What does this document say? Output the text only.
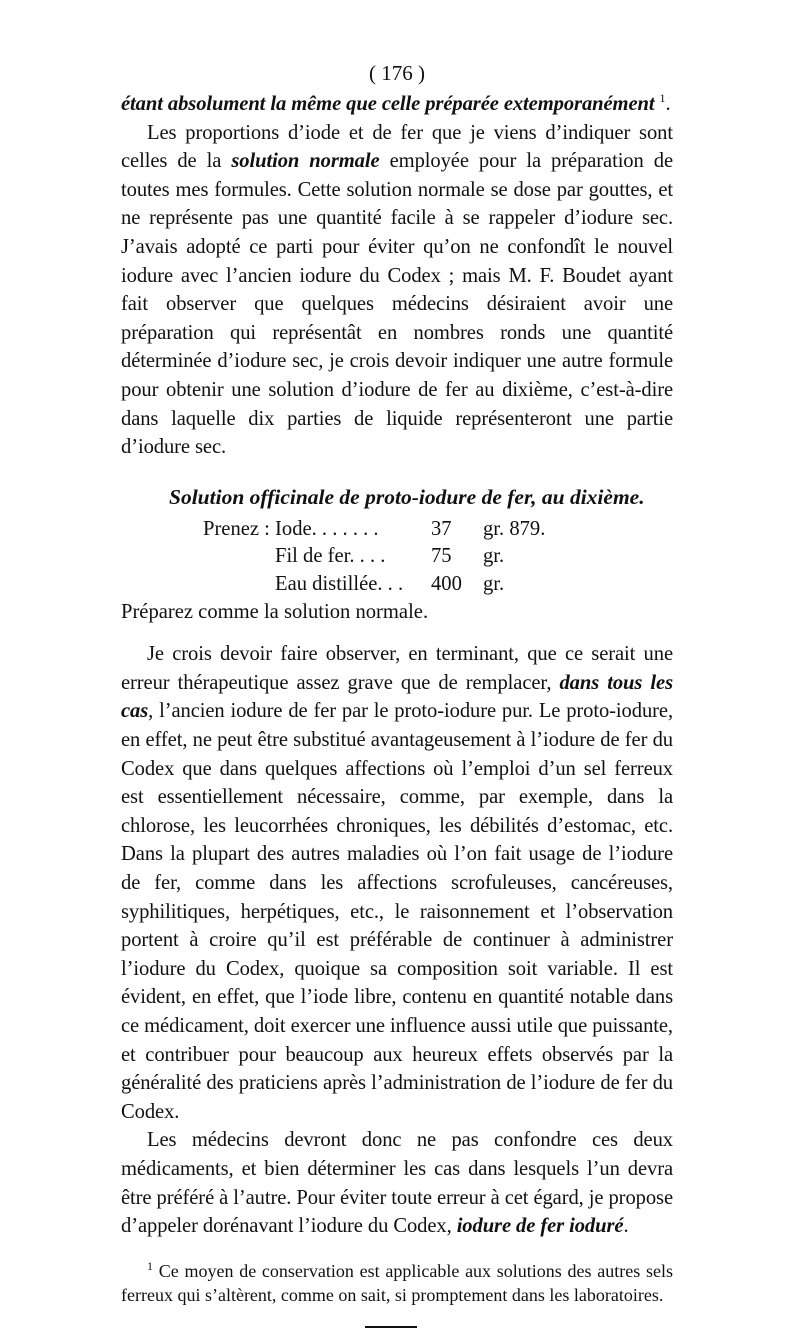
( 176 )

étant absolument la même que celle préparée extemporanément $^1$.

Les proportions d’iode et de fer que je viens d’indiquer sont celles de la solution normale employée pour la préparation de toutes mes formules. Cette solution normale se dose par gouttes, et ne représente pas une quantité facile à se rappeler d’iodure sec. J’avais adopté ce parti pour éviter qu’on ne confondît le nouvel iodure avec l’ancien iodure du Codex ; mais M. F. Boudet ayant fait observer que quelques médecins désiraient avoir une préparation qui représentât en nombres ronds une quantité déterminée d’iodure sec, je crois devoir indiquer une autre formule pour obtenir une solution d’iodure de fer au dixième, c’est-à-dire dans laquelle dix parties de liquide représenteront une partie d’iodure sec.

Solution officinale de proto-iodure de fer, au dixième.
Prenez : Iode. . . . . . .	37 gr. 879.
Fil de fer. . . . 75 gr.
Eau distillée. . . 400 gr.

Préparez comme la solution normale.

Je crois devoir faire observer, en terminant, que ce serait une erreur thérapeutique assez grave que de remplacer, dans tous les cas, l’ancien iodure de fer par le proto-iodure pur. Le proto-iodure, en effet, ne peut être substitué avantageusement à l’iodure de fer du Codex que dans quelques affections où l’emploi d’un sel ferreux est essentiellement nécessaire, comme, par exemple, dans la chlorose, les leucorrhées chroniques, les débilités d’estomac, etc. Dans la plupart des autres maladies où l’on fait usage de l’iodure de fer, comme dans les affections scrofuleuses, cancéreuses, syphilitiques, herpétiques, etc., le raisonnement et l’observation portent à croire qu’il est préférable de continuer à administrer l’iodure du Codex, quoique sa composition soit variable. Il est évident, en effet, que l’iode libre, contenu en quantité notable dans ce médicament, doit exercer une influence aussi utile que puissante, et contribuer pour beaucoup aux heureux effets observés par la généralité des praticiens après l’administration de l’iodure de fer du Codex.

Les médecins devront donc ne pas confondre ces deux médicaments, et bien déterminer les cas dans lesquels l’un devra être préféré à l’autre. Pour éviter toute erreur à cet égard, je propose d’appeler dorénavant l’iodure du Codex, iodure de fer ioduré.

$^1$ Ce moyen de conservation est applicable aux solutions des autres sels ferreux qui s’altèrent, comme on sait, si promptement dans les laboratoires.
